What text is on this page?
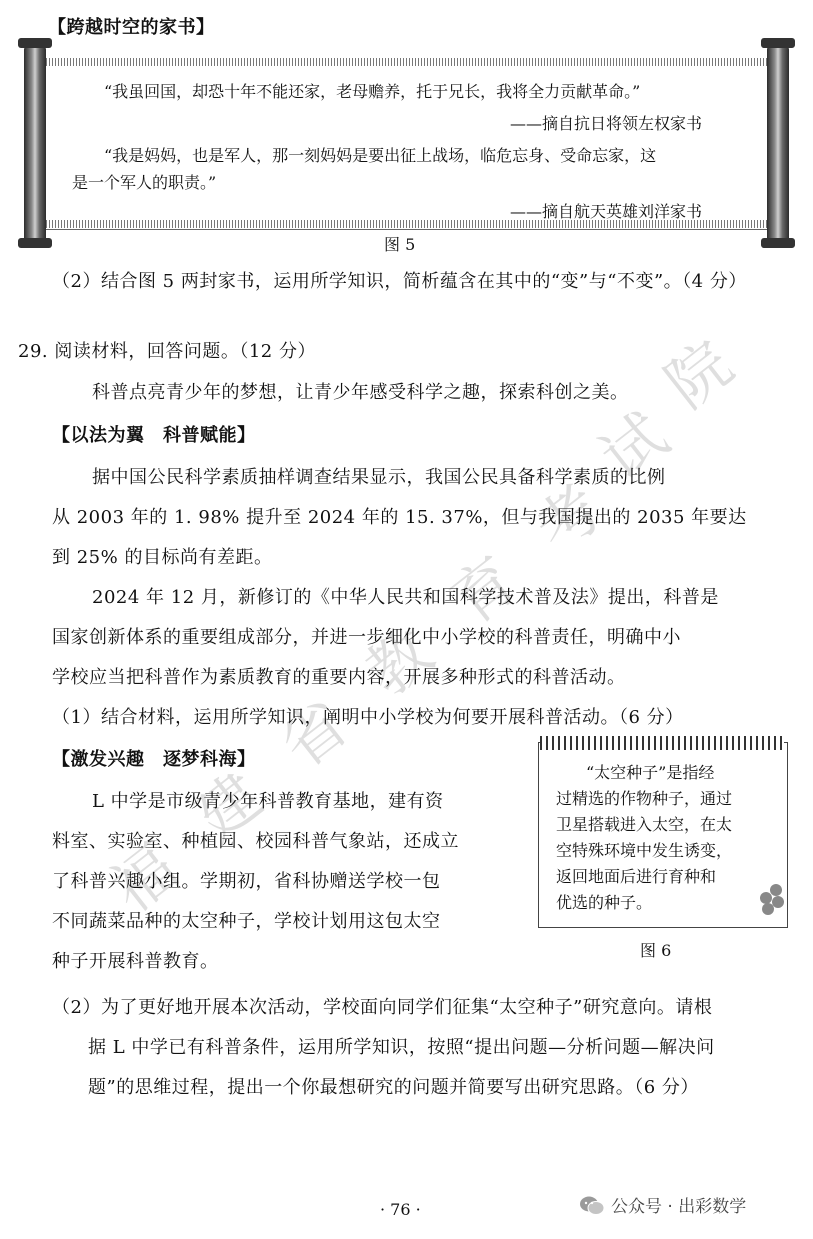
福
建
省
教
育
考
试
院
【跨越时空的家书】
“我虽回国，却恐十年不能还家，老母赡养，托于兄长，我将全力贡献革命。”
——摘自抗日将领左权家书
“我是妈妈，也是军人，那一刻妈妈是要出征上战场，临危忘身、受命忘家，这
是一个军人的职责。”
——摘自航天英雄刘洋家书
图 5
（2）结合图 5 两封家书，运用所学知识，简析蕴含在其中的“变”与“不变”。（4 分）
29. 阅读材料，回答问题。（12 分）
科普点亮青少年的梦想，让青少年感受科学之趣，探索科创之美。
【以法为翼　科普赋能】
据中国公民科学素质抽样调查结果显示，我国公民具备科学素质的比例
从 2003 年的 1. 98% 提升至 2024 年的 15. 37%，但与我国提出的 2035 年要达
到 25% 的目标尚有差距。
2024 年 12 月，新修订的《中华人民共和国科学技术普及法》提出，科普是
国家创新体系的重要组成部分，并进一步细化中小学校的科普责任，明确中小
学校应当把科普作为素质教育的重要内容，开展多种形式的科普活动。
（1）结合材料，运用所学知识，阐明中小学校为何要开展科普活动。（6 分）
【激发兴趣　逐梦科海】
L 中学是市级青少年科普教育基地，建有资
料室、实验室、种植园、校园科普气象站，还成立
了科普兴趣小组。学期初，省科协赠送学校一包
不同蔬菜品种的太空种子，学校计划用这包太空
种子开展科普教育。
“太空种子”是指经
过精选的作物种子，通过
卫星搭载进入太空，在太
空特殊环境中发生诱变，
返回地面后进行育种和
优选的种子。
图 6
（2）为了更好地开展本次活动，学校面向同学们征集“太空种子”研究意向。请根
据 L 中学已有科普条件，运用所学知识，按照“提出问题—分析问题—解决问
题”的思维过程，提出一个你最想研究的问题并简要写出研究思路。（6 分）
· 76 ·	公众号 · 出彩数学
